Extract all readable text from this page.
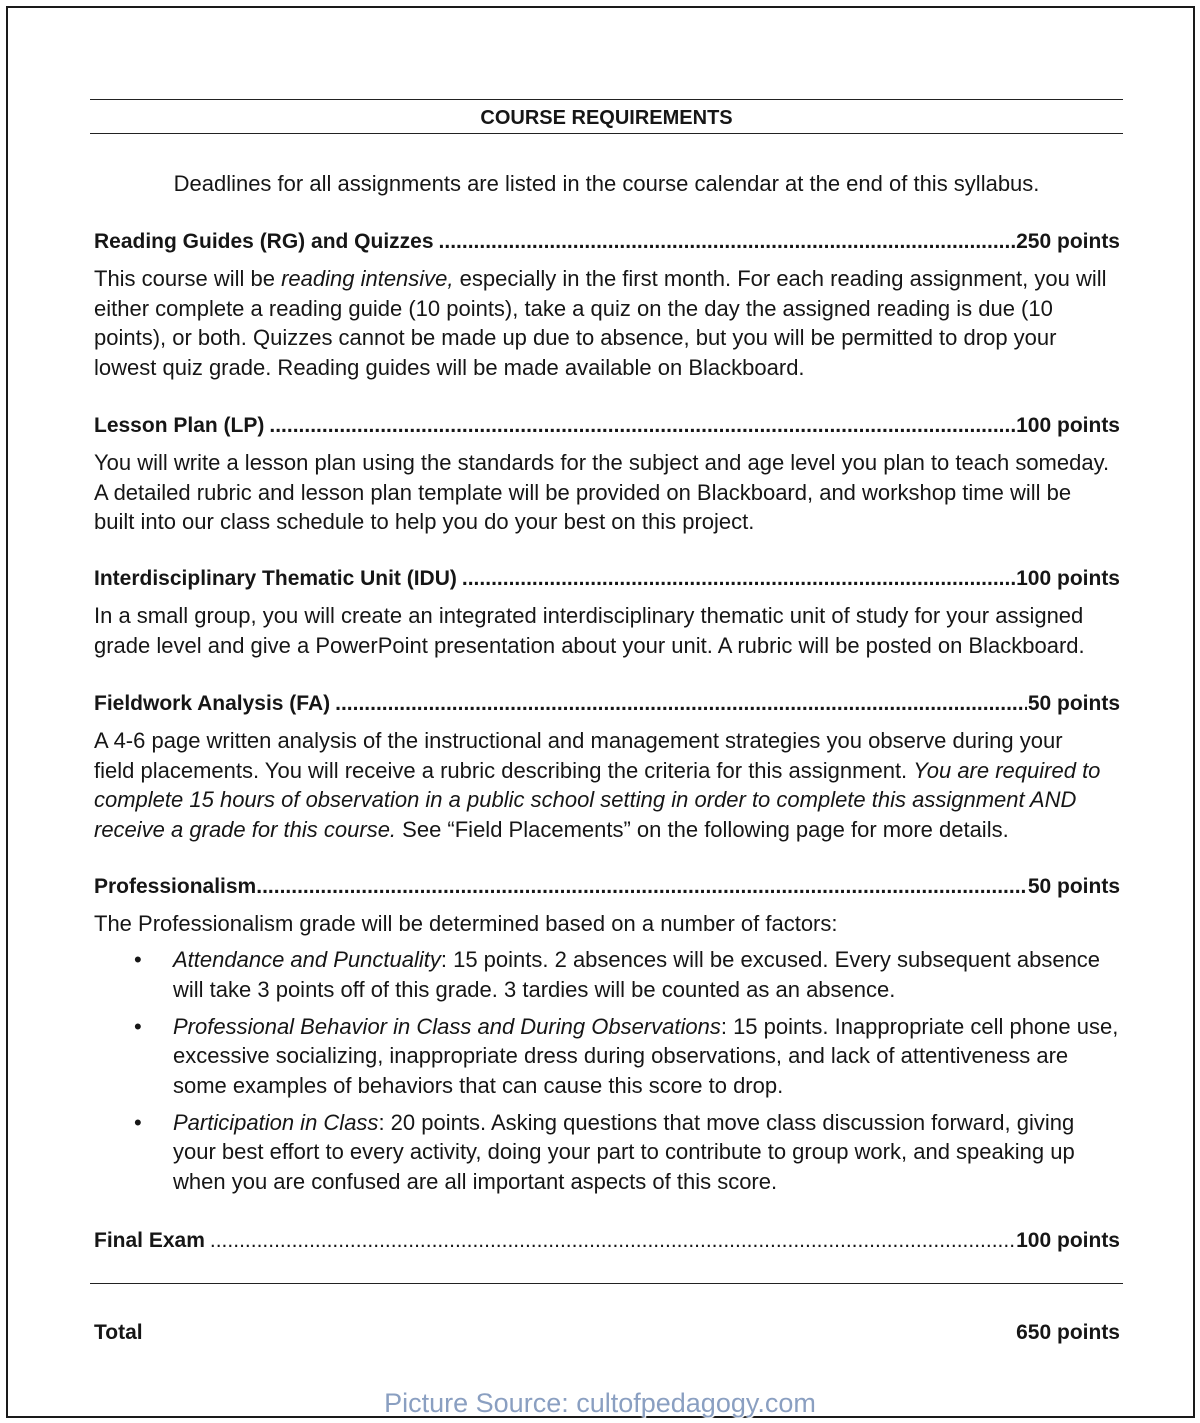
COURSE REQUIREMENTS
Deadlines for all assignments are listed in the course calendar at the end of this syllabus.
Reading Guides (RG) and Quizzes .....	250 points
This course will be reading intensive, especially in the first month. For each reading assignment, you will
either complete a reading guide (10 points), take a quiz on the day the assigned reading is due (10
points), or both. Quizzes cannot be made up due to absence, but you will be permitted to drop your
lowest quiz grade. Reading guides will be made available on Blackboard.
Lesson Plan (LP) .....	100 points
You will write a lesson plan using the standards for the subject and age level you plan to teach someday.
A detailed rubric and lesson plan template will be provided on Blackboard, and workshop time will be
built into our class schedule to help you do your best on this project.
Interdisciplinary Thematic Unit (IDU) .....	100 points
In a small group, you will create an integrated interdisciplinary thematic unit of study for your assigned
grade level and give a PowerPoint presentation about your unit. A rubric will be posted on Blackboard.
Fieldwork Analysis (FA) .....	50 points
A 4-6 page written analysis of the instructional and management strategies you observe during your
field placements. You will receive a rubric describing the criteria for this assignment. You are required to
complete 15 hours of observation in a public school setting in order to complete this assignment AND
receive a grade for this course. See “Field Placements” on the following page for more details.
Professionalism .....	50 points
The Professionalism grade will be determined based on a number of factors:
•
Attendance and Punctuality: 15 points. 2 absences will be excused. Every subsequent absence
will take 3 points off of this grade. 3 tardies will be counted as an absence.
•
Professional Behavior in Class and During Observations: 15 points. Inappropriate cell phone use,
excessive socializing, inappropriate dress during observations, and lack of attentiveness are
some examples of behaviors that can cause this score to drop.
•
Participation in Class: 20 points. Asking questions that move class discussion forward, giving
your best effort to every activity, doing your part to contribute to group work, and speaking up
when you are confused are all important aspects of this score.
Final Exam .....	100 points
Total	650 points
Picture Source: cultofpedagogy.com
